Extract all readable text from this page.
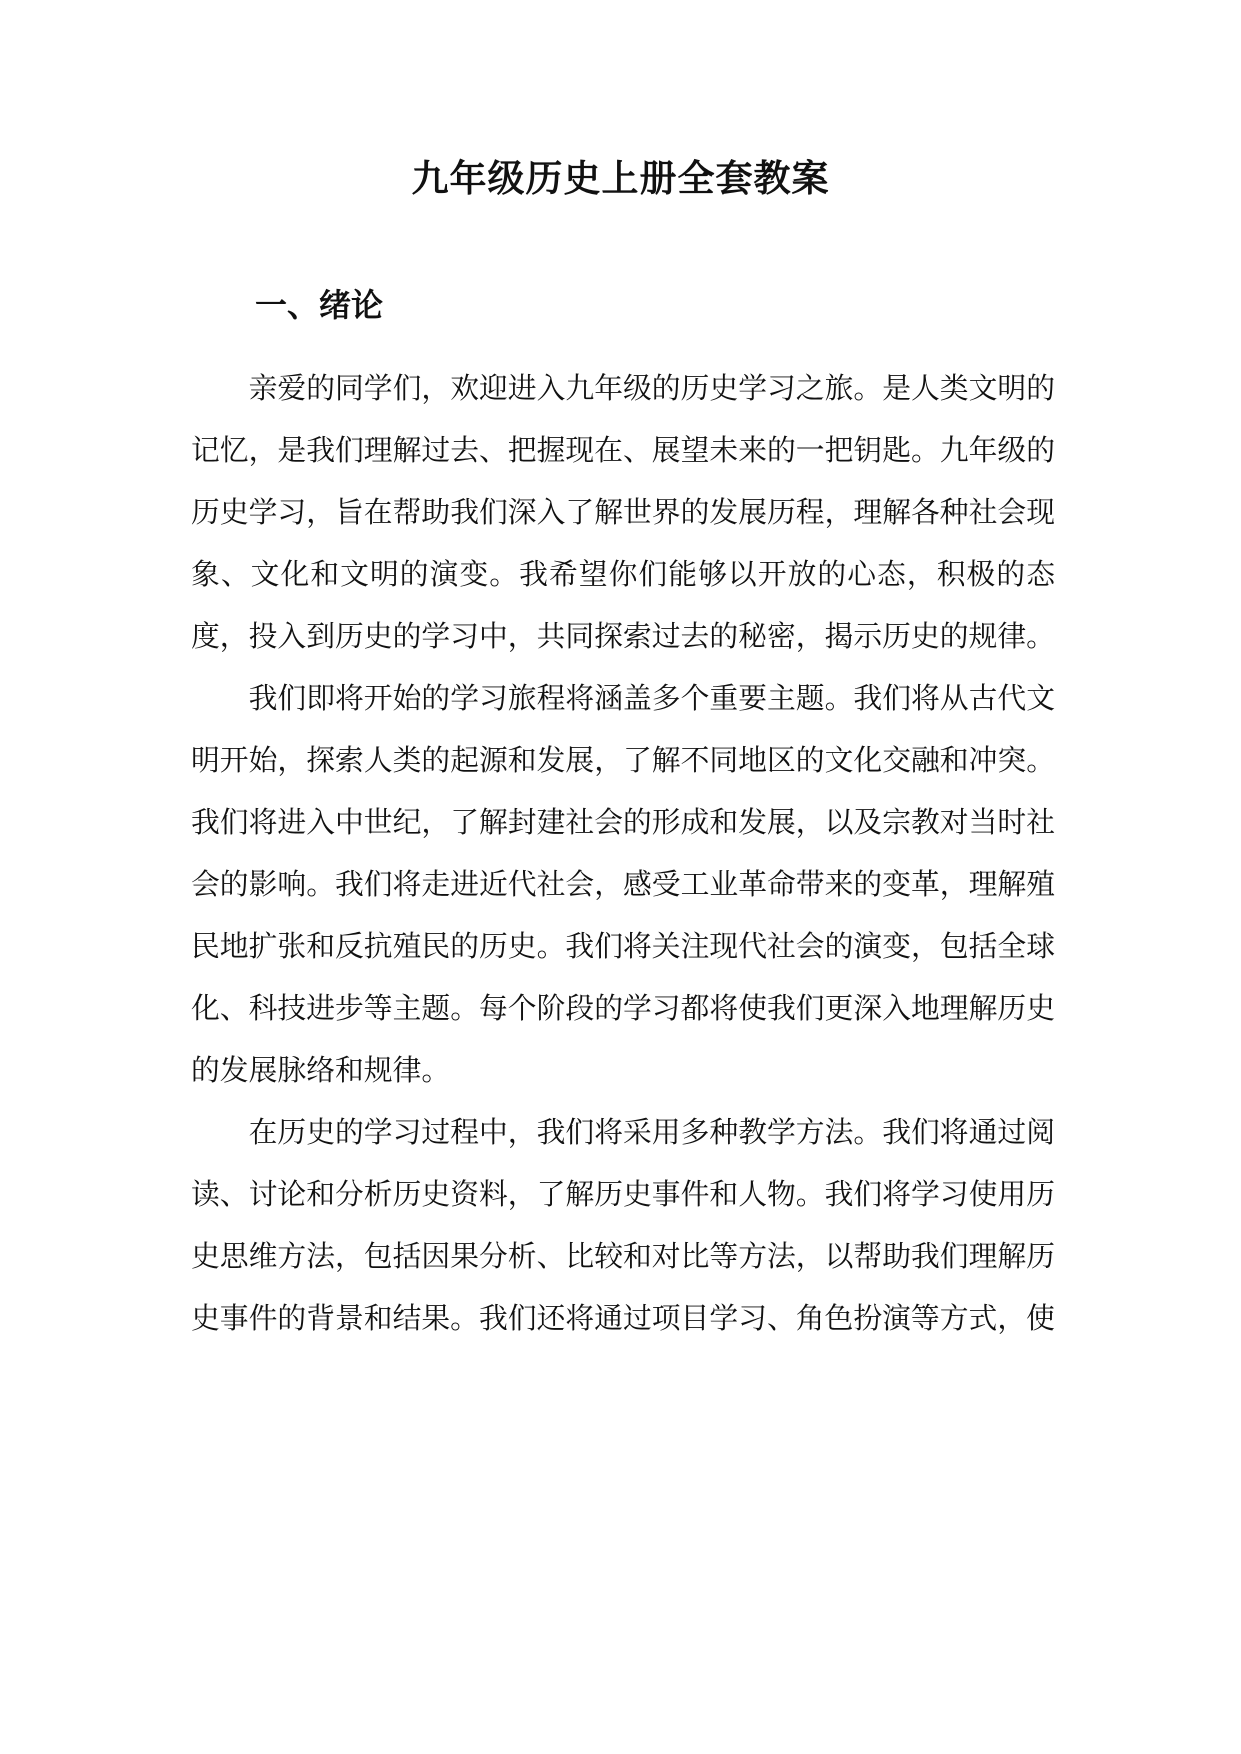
九年级历史上册全套教案
一、绪论

亲爱的同学们，欢迎进入九年级的历史学习之旅。是人类文明的记忆，是我们理解过去、把握现在、展望未来的一把钥匙。九年级的历史学习，旨在帮助我们深入了解世界的发展历程，理解各种社会现象、文化和文明的演变。我希望你们能够以开放的心态，积极的态度，投入到历史的学习中，共同探索过去的秘密，揭示历史的规律。

我们即将开始的学习旅程将涵盖多个重要主题。我们将从古代文明开始，探索人类的起源和发展，了解不同地区的文化交融和冲突。我们将进入中世纪，了解封建社会的形成和发展，以及宗教对当时社会的影响。我们将走进近代社会，感受工业革命带来的变革，理解殖民地扩张和反抗殖民的历史。我们将关注现代社会的演变，包括全球化、科技进步等主题。每个阶段的学习都将使我们更深入地理解历史的发展脉络和规律。

在历史的学习过程中，我们将采用多种教学方法。我们将通过阅读、讨论和分析历史资料，了解历史事件和人物。我们将学习使用历史思维方法，包括因果分析、比较和对比等方法，以帮助我们理解历史事件的背景和结果。我们还将通过项目学习、角色扮演等方式，使
